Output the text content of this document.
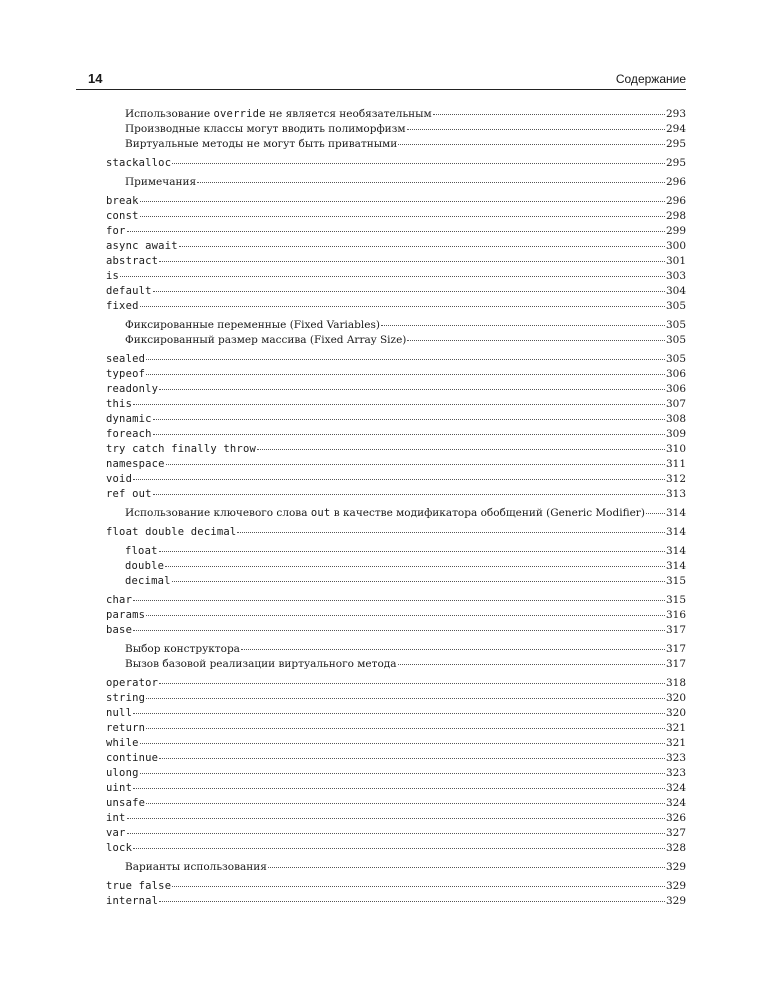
14	Содержание
Использование override не является необязательным	293
Производные классы могут вводить полиморфизм	294
Виртуальные методы не могут быть приватными	295
stackalloc	295
Примечания	296
break	296
const	298
for	299
async await	300
abstract	301
is	303
default	304
fixed	305
Фиксированные переменные (Fixed Variables)	305
Фиксированный размер массива (Fixed Array Size)	305
sealed	305
typeof	306
readonly	306
this	307
dynamic	308
foreach	309
try catch finally throw	310
namespace	311
void	312
ref out	313
Использование ключевого слова out в качестве модификатора обобщений (Generic Modifier) 314
float double decimal	314
float	314
double	314
decimal	315
char	315
params	316
base	317
Выбор конструктора	317
Вызов базовой реализации виртуального метода	317
operator	318
string	320
null	320
return	321
while	321
continue	323
ulong	323
uint	324
unsafe	324
int	326
var	327
lock	328
Варианты использования	329
true false	329
internal	329
